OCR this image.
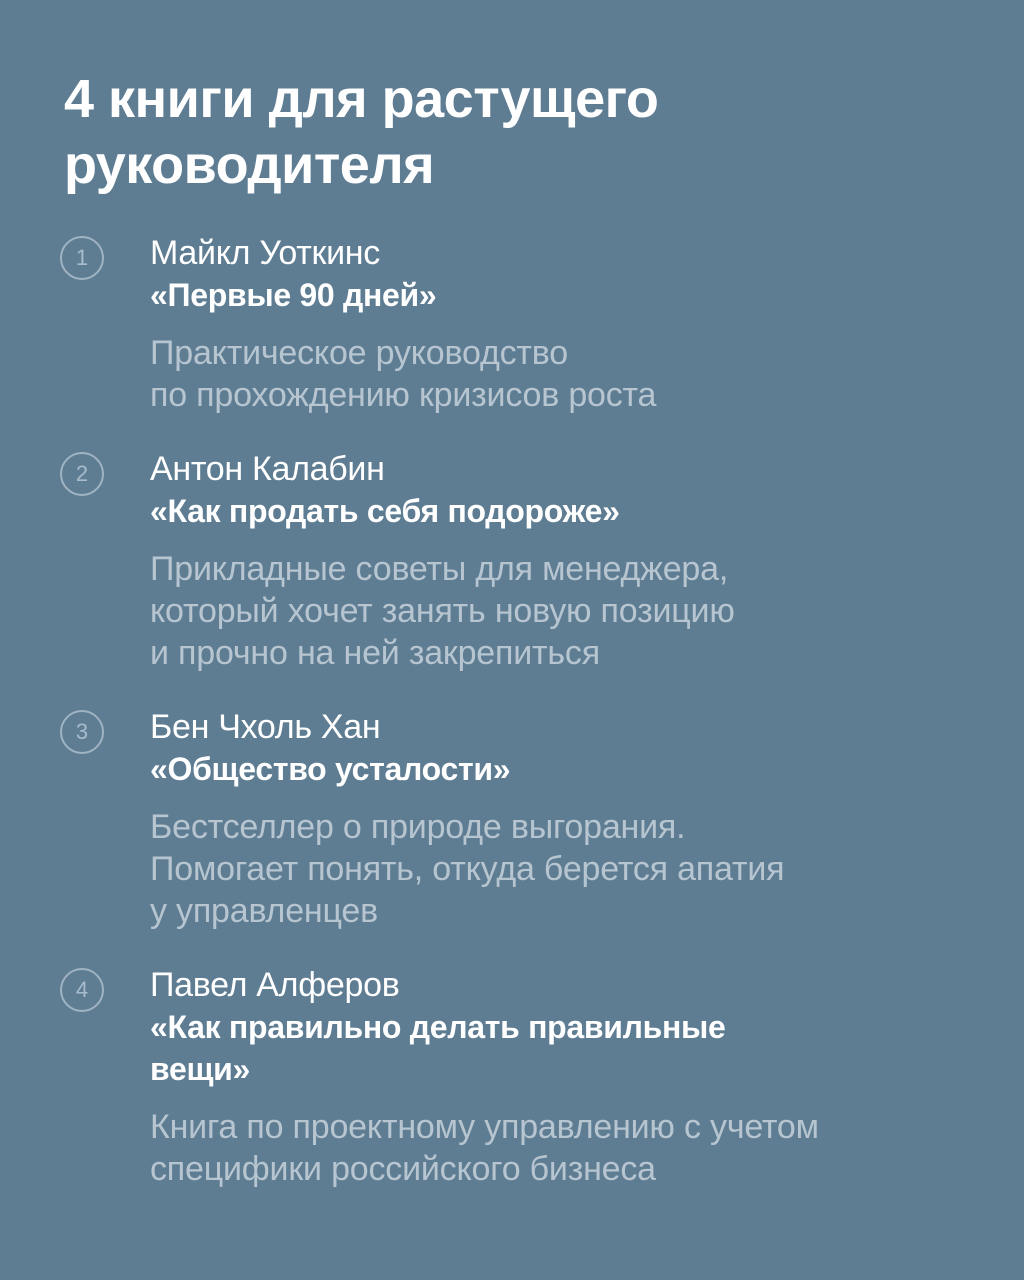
4 книги для растущего
руководителя
1	Майкл Уоткинс
«Первые 90 дней»
Практическое руководство
по прохождению кризисов роста
2	Антон Калабин
«Как продать себя подороже»
Прикладные советы для менеджера,
который хочет занять новую позицию
и прочно на ней закрепиться
3	Бен Чхоль Хан
«Общество усталости»
Бестселлер о природе выгорания.
Помогает понять, откуда берется апатия
у управленцев
4	Павел Алферов
«Как правильно делать правильные
вещи»
Книга по проектному управлению с учетом
специфики российского бизнеса
